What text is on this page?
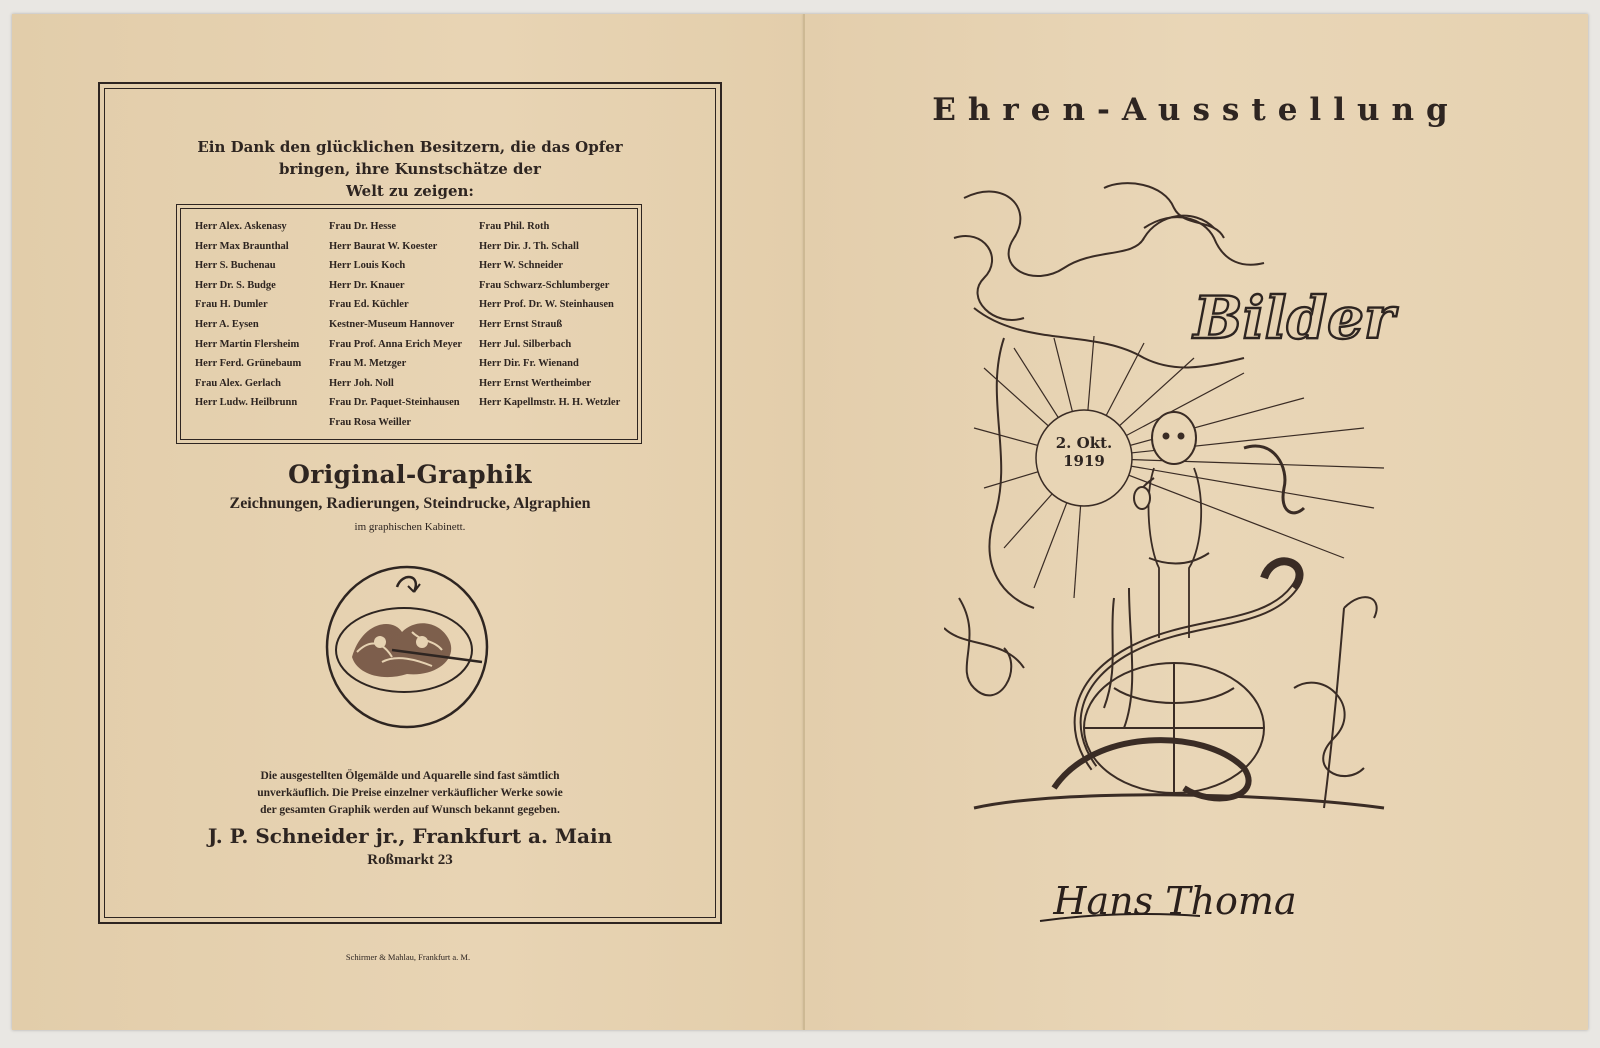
Ein Dank den glücklichen Besitzern, die das Opfer
bringen, ihre Kunstschätze der
Welt zu zeigen:
Herr Alex. Askenasy
Herr Max Braunthal
Herr S. Buchenau
Herr Dr. S. Budge
Frau H. Dumler
Herr A. Eysen
Herr Martin Flersheim
Herr Ferd. Grünebaum
Frau Alex. Gerlach
Herr Ludw. Heilbrunn
Frau Dr. Hesse
Herr Baurat W. Koester
Herr Louis Koch
Herr Dr. Knauer
Frau Ed. Küchler
Kestner-Museum Hannover
Frau Prof. Anna Erich Meyer
Frau M. Metzger
Herr Joh. Noll
Frau Dr. Paquet-Steinhausen
Frau Rosa Weiller
Frau Phil. Roth
Herr Dir. J. Th. Schall
Herr W. Schneider
Frau Schwarz-Schlumberger
Herr Prof. Dr. W. Steinhausen
Herr Ernst Strauß
Herr Jul. Silberbach
Herr Dir. Fr. Wienand
Herr Ernst Wertheimber
Herr Kapellmstr. H. H. Wetzler
Original-Graphik
Zeichnungen, Radierungen, Steindrucke, Algraphien
im graphischen Kabinett.
Die ausgestellten Ölgemälde und Aquarelle sind fast sämtlich
unverkäuflich. Die Preise einzelner verkäuflicher Werke sowie
der gesamten Graphik werden auf Wunsch bekannt gegeben.
J. P. Schneider jr., Frankfurt a. Main
Roßmarkt 23
Schirmer & Mahlau, Frankfurt a. M.
Ehren-Ausstellung
Bilder
2. Okt.
1919
Hans Thoma
